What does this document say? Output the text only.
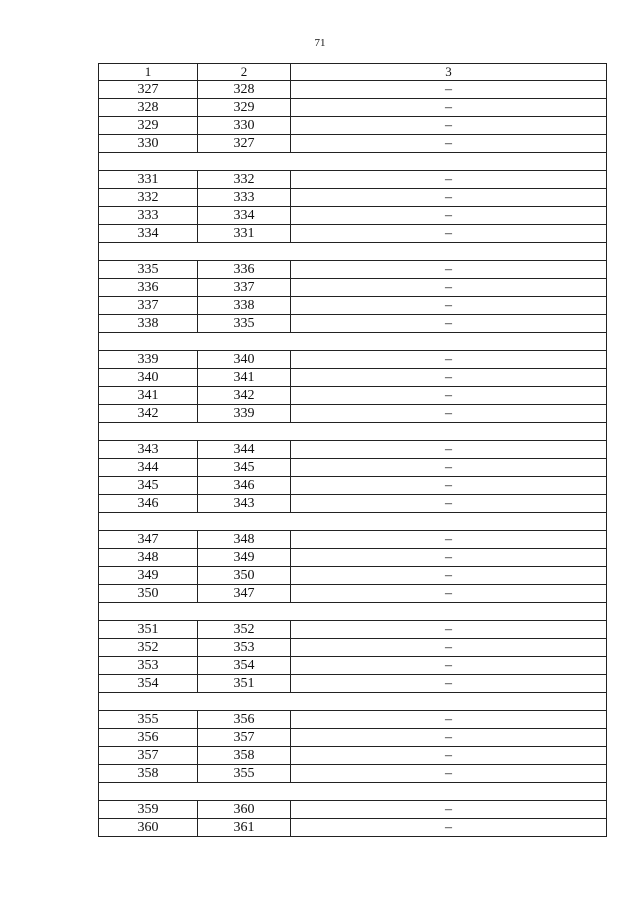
71
1	2	3
327	328	–
328	329	–
329	330	–
330	327	–

331	332	–
332	333	–
333	334	–
334	331	–

335	336	–
336	337	–
337	338	–
338	335	–

339	340	–
340	341	–
341	342	–
342	339	–

343	344	–
344	345	–
345	346	–
346	343	–

347	348	–
348	349	–
349	350	–
350	347	–

351	352	–
352	353	–
353	354	–
354	351	–

355	356	–
356	357	–
357	358	–
358	355	–

359	360	–
360	361	–
